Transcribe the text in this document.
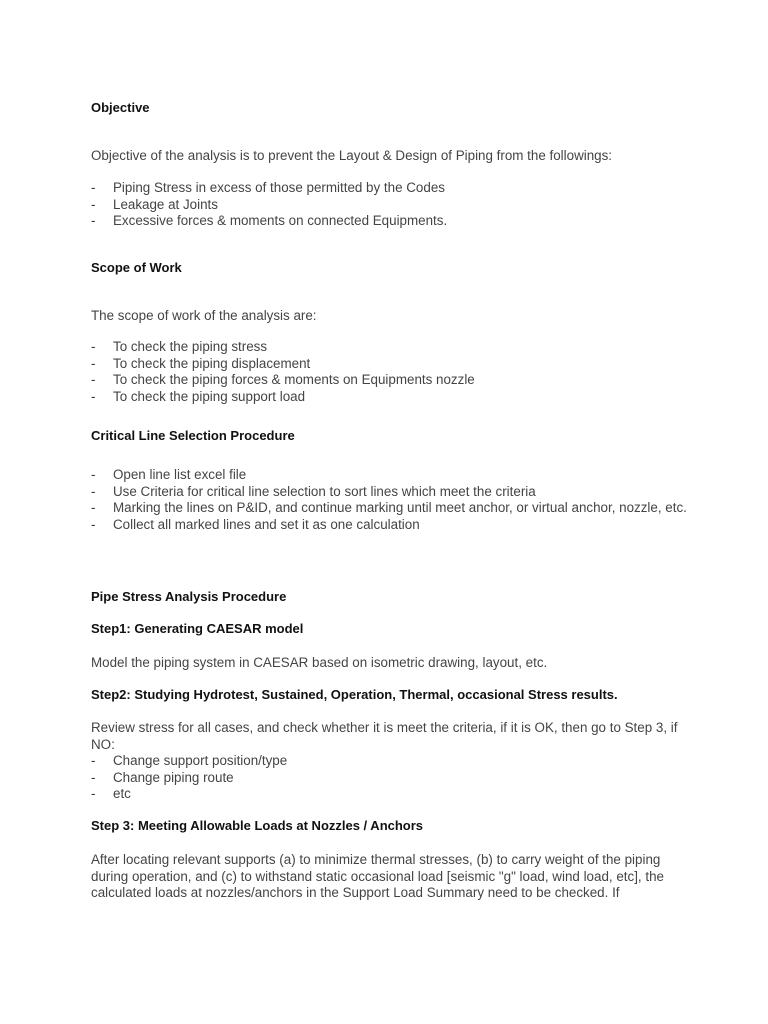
Objective

Objective of the analysis is to prevent the Layout & Design of Piping from the followings:

-	Piping Stress in excess of those permitted by the Codes
-	Leakage at Joints
-	Excessive forces & moments on connected Equipments.
Scope of Work

The scope of work of the analysis are:

-	To check the piping stress
-	To check the piping displacement
-	To check the piping forces & moments on Equipments nozzle
-	To check the piping support load
Critical Line Selection Procedure
-	Open line list excel file
-	Use Criteria for critical line selection to sort lines which meet the criteria
-	Marking the lines on P&ID, and continue marking until meet anchor, or virtual anchor, nozzle, etc.
-	Collect all marked lines and set it as one calculation
Pipe Stress Analysis Procedure
Step1: Generating CAESAR model

Model the piping system in CAESAR based on isometric drawing, layout, etc.

Step2: Studying Hydrotest, Sustained, Operation, Thermal, occasional Stress results.

Review stress for all cases, and check whether it is meet the criteria, if it is OK, then go to Step 3, if NO:

-	Change support position/type
-	Change piping route
-	etc
Step 3: Meeting Allowable Loads at Nozzles / Anchors

After locating relevant supports (a) to minimize thermal stresses, (b) to carry weight of the piping during operation, and (c) to withstand static occasional load [seismic "g" load, wind load, etc], the calculated loads at nozzles/anchors in the Support Load Summary need to be checked. If
